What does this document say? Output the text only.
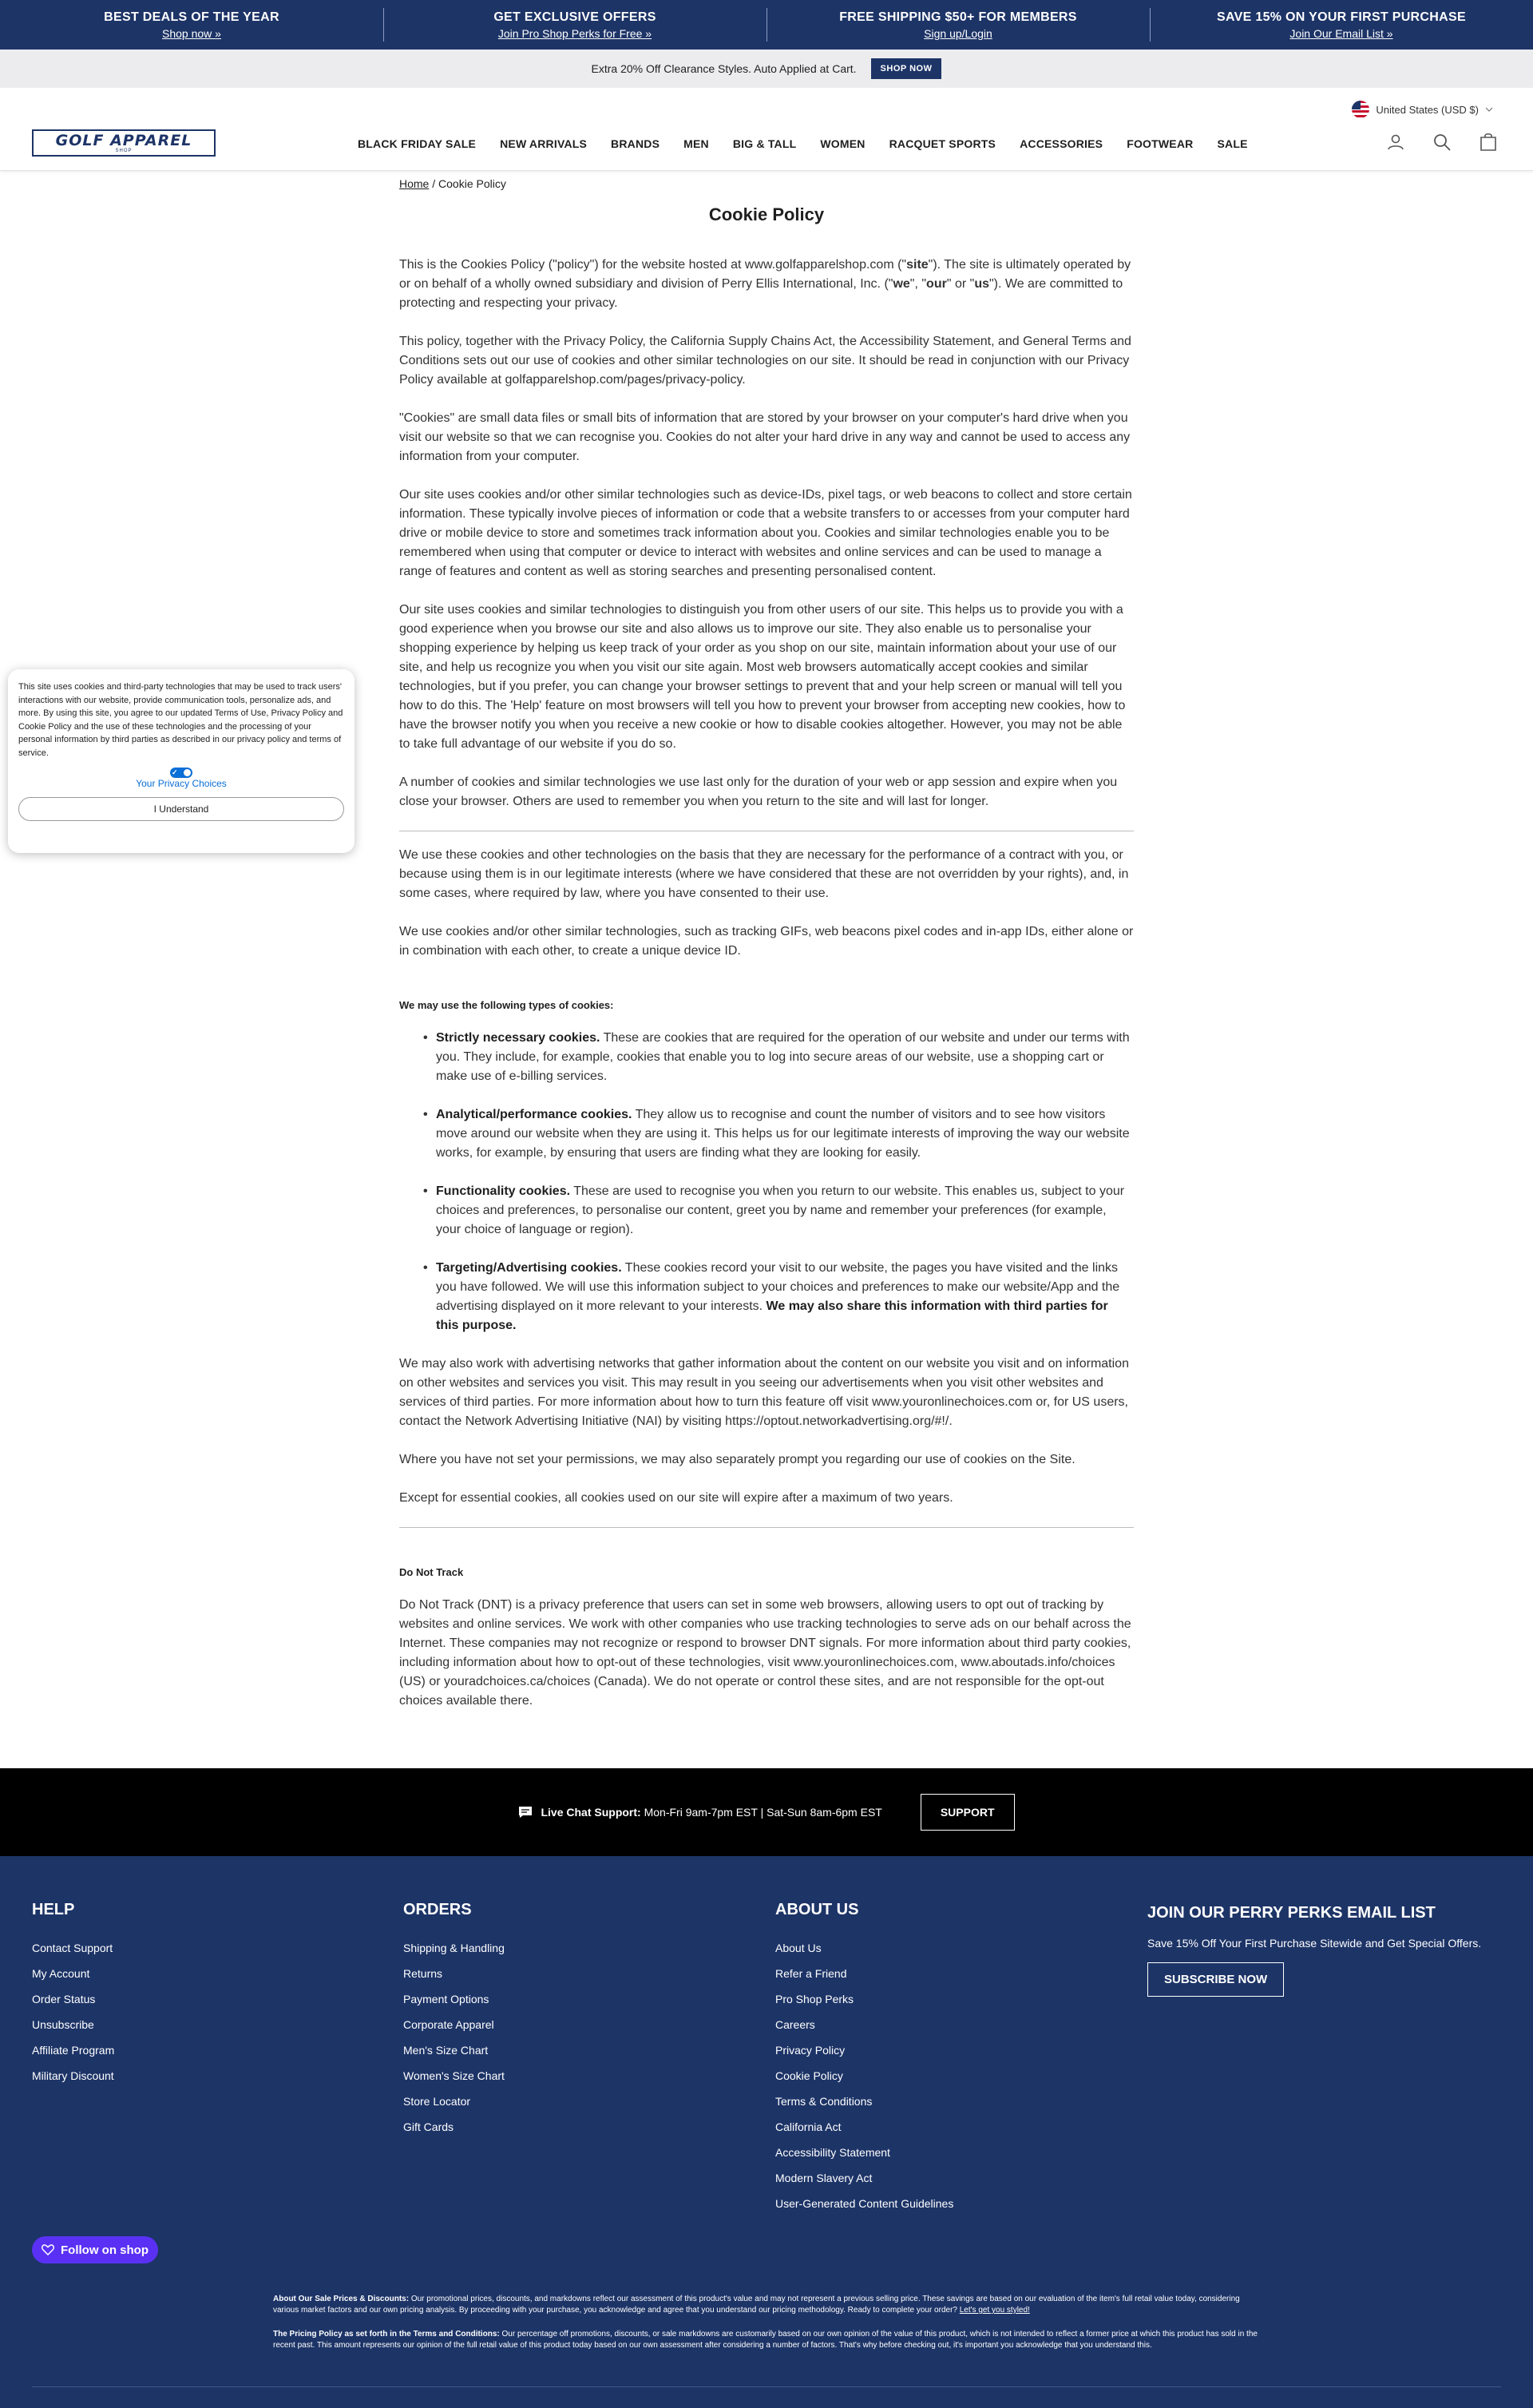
BEST DEALS OF THE YEAR
Shop now »
GET EXCLUSIVE OFFERS
Join Pro Shop Perks for Free »
FREE SHIPPING $50+ FOR MEMBERS
Sign up/Login
SAVE 15% ON YOUR FIRST PURCHASE
Join Our Email List »
Extra 20% Off Clearance Styles. Auto Applied at Cart.	SHOP NOW
United States (USD $)
GOLF APPAREL
SHOP
BLACK FRIDAY SALE NEW ARRIVALS BRANDS MEN BIG & TALL WOMEN RACQUET SPORTS ACCESSORIES FOOTWEAR SALE
Home / Cookie Policy
Cookie Policy

This is the Cookies Policy ("policy") for the website hosted at www.golfapparelshop.com ("site"). The site is ultimately operated by or on behalf of a wholly owned subsidiary and division of Perry Ellis International, Inc. ("we", "our" or "us"). We are committed to protecting and respecting your privacy.

This policy, together with the Privacy Policy, the California Supply Chains Act, the Accessibility Statement, and General Terms and Conditions sets out our use of cookies and other similar technologies on our site. It should be read in conjunction with our Privacy Policy available at golfapparelshop.com/pages/privacy-policy.

"Cookies" are small data files or small bits of information that are stored by your browser on your computer's hard drive when you visit our website so that we can recognise you. Cookies do not alter your hard drive in any way and cannot be used to access any information from your computer.

Our site uses cookies and/or other similar technologies such as device-IDs, pixel tags, or web beacons to collect and store certain information. These typically involve pieces of information or code that a website transfers to or accesses from your computer hard drive or mobile device to store and sometimes track information about you. Cookies and similar technologies enable you to be remembered when using that computer or device to interact with websites and online services and can be used to manage a range of features and content as well as storing searches and presenting personalised content.

Our site uses cookies and similar technologies to distinguish you from other users of our site. This helps us to provide you with a good experience when you browse our site and also allows us to improve our site. They also enable us to personalise your shopping experience by helping us keep track of your order as you shop on our site, maintain information about your use of our site, and help us recognize you when you visit our site again. Most web browsers automatically accept cookies and similar technologies, but if you prefer, you can change your browser settings to prevent that and your help screen or manual will tell you how to do this. The 'Help' feature on most browsers will tell you how to prevent your browser from accepting new cookies, how to have the browser notify you when you receive a new cookie or how to disable cookies altogether. However, you may not be able to take full advantage of our website if you do so.

A number of cookies and similar technologies we use last only for the duration of your web or app session and expire when you close your browser. Others are used to remember you when you return to the site and will last for longer.

We use these cookies and other technologies on the basis that they are necessary for the performance of a contract with you, or because using them is in our legitimate interests (where we have considered that these are not overridden by your rights), and, in some cases, where required by law, where you have consented to their use.

We use cookies and/or other similar technologies, such as tracking GIFs, web beacons pixel codes and in-app IDs, either alone or in combination with each other, to create a unique device ID.

We may use the following types of cookies:
• Strictly necessary cookies. These are cookies that are required for the operation of our website and under our terms with you. They include, for example, cookies that enable you to log into secure areas of our website, use a shopping cart or make use of e-billing services.
• Analytical/performance cookies. They allow us to recognise and count the number of visitors and to see how visitors move around our website when they are using it. This helps us for our legitimate interests of improving the way our website works, for example, by ensuring that users are finding what they are looking for easily.
• Functionality cookies. These are used to recognise you when you return to our website. This enables us, subject to your choices and preferences, to personalise our content, greet you by name and remember your preferences (for example, your choice of language or region).
• Targeting/Advertising cookies. These cookies record your visit to our website, the pages you have visited and the links you have followed. We will use this information subject to your choices and preferences to make our website/App and the advertising displayed on it more relevant to your interests. We may also share this information with third parties for this purpose.

We may also work with advertising networks that gather information about the content on our website you visit and on information on other websites and services you visit. This may result in you seeing our advertisements when you visit other websites and services of third parties. For more information about how to turn this feature off visit www.youronlinechoices.com or, for US users, contact the Network Advertising Initiative (NAI) by visiting https://optout.networkadvertising.org/#!/.

Where you have not set your permissions, we may also separately prompt you regarding our use of cookies on the Site.

Except for essential cookies, all cookies used on our site will expire after a maximum of two years.

Do Not Track

Do Not Track (DNT) is a privacy preference that users can set in some web browsers, allowing users to opt out of tracking by websites and online services. We work with other companies who use tracking technologies to serve ads on our behalf across the Internet. These companies may not recognize or respond to browser DNT signals. For more information about third party cookies, including information about how to opt-out of these technologies, visit www.youronlinechoices.com, www.aboutads.info/choices (US) or youradchoices.ca/choices (Canada). We do not operate or control these sites, and are not responsible for the opt-out choices available there.

This site uses cookies and third-party technologies that may be used to track users' interactions with our website, provide communication tools, personalize ads, and more. By using this site, you agree to our updated Terms of Use, Privacy Policy and Cookie Policy and the use of these technologies and the processing of your personal information by third parties as described in our privacy policy and terms of service.

✓
Your Privacy Choices
I Understand
Live Chat Support: Mon-Fri 9am-7pm EST | Sat-Sun 8am-6pm EST	SUPPORT
HELP
Contact Support
My Account
Order Status
Unsubscribe
Affiliate Program
Military Discount
ORDERS
Shipping & Handling
Returns
Payment Options
Corporate Apparel
Men's Size Chart
Women's Size Chart
Store Locator
Gift Cards
ABOUT US
About Us
Refer a Friend
Pro Shop Perks
Careers
Privacy Policy
Cookie Policy
Terms & Conditions
California Act
Accessibility Statement
Modern Slavery Act
User-Generated Content Guidelines
JOIN OUR PERRY PERKS EMAIL LIST
Save 15% Off Your First Purchase Sitewide and Get Special Offers.
SUBSCRIBE NOW
Follow on shop

About Our Sale Prices & Discounts: Our promotional prices, discounts, and markdowns reflect our assessment of this product's value and may not represent a previous selling price. These savings are based on our evaluation of the item's full retail value today, considering various market factors and our own pricing analysis. By proceeding with your purchase, you acknowledge and agree that you understand our pricing methodology. Ready to complete your order? Let's get you styled!

The Pricing Policy as set forth in the Terms and Conditions: Our percentage off promotions, discounts, or sale markdowns are customarily based on our own opinion of the value of this product, which is not intended to reflect a former price at which this product has sold in the recent past. This amount represents our opinion of the full retail value of this product today based on our own assessment after considering a number of factors. That's why before checking out, it's important you acknowledge that you understand this.
